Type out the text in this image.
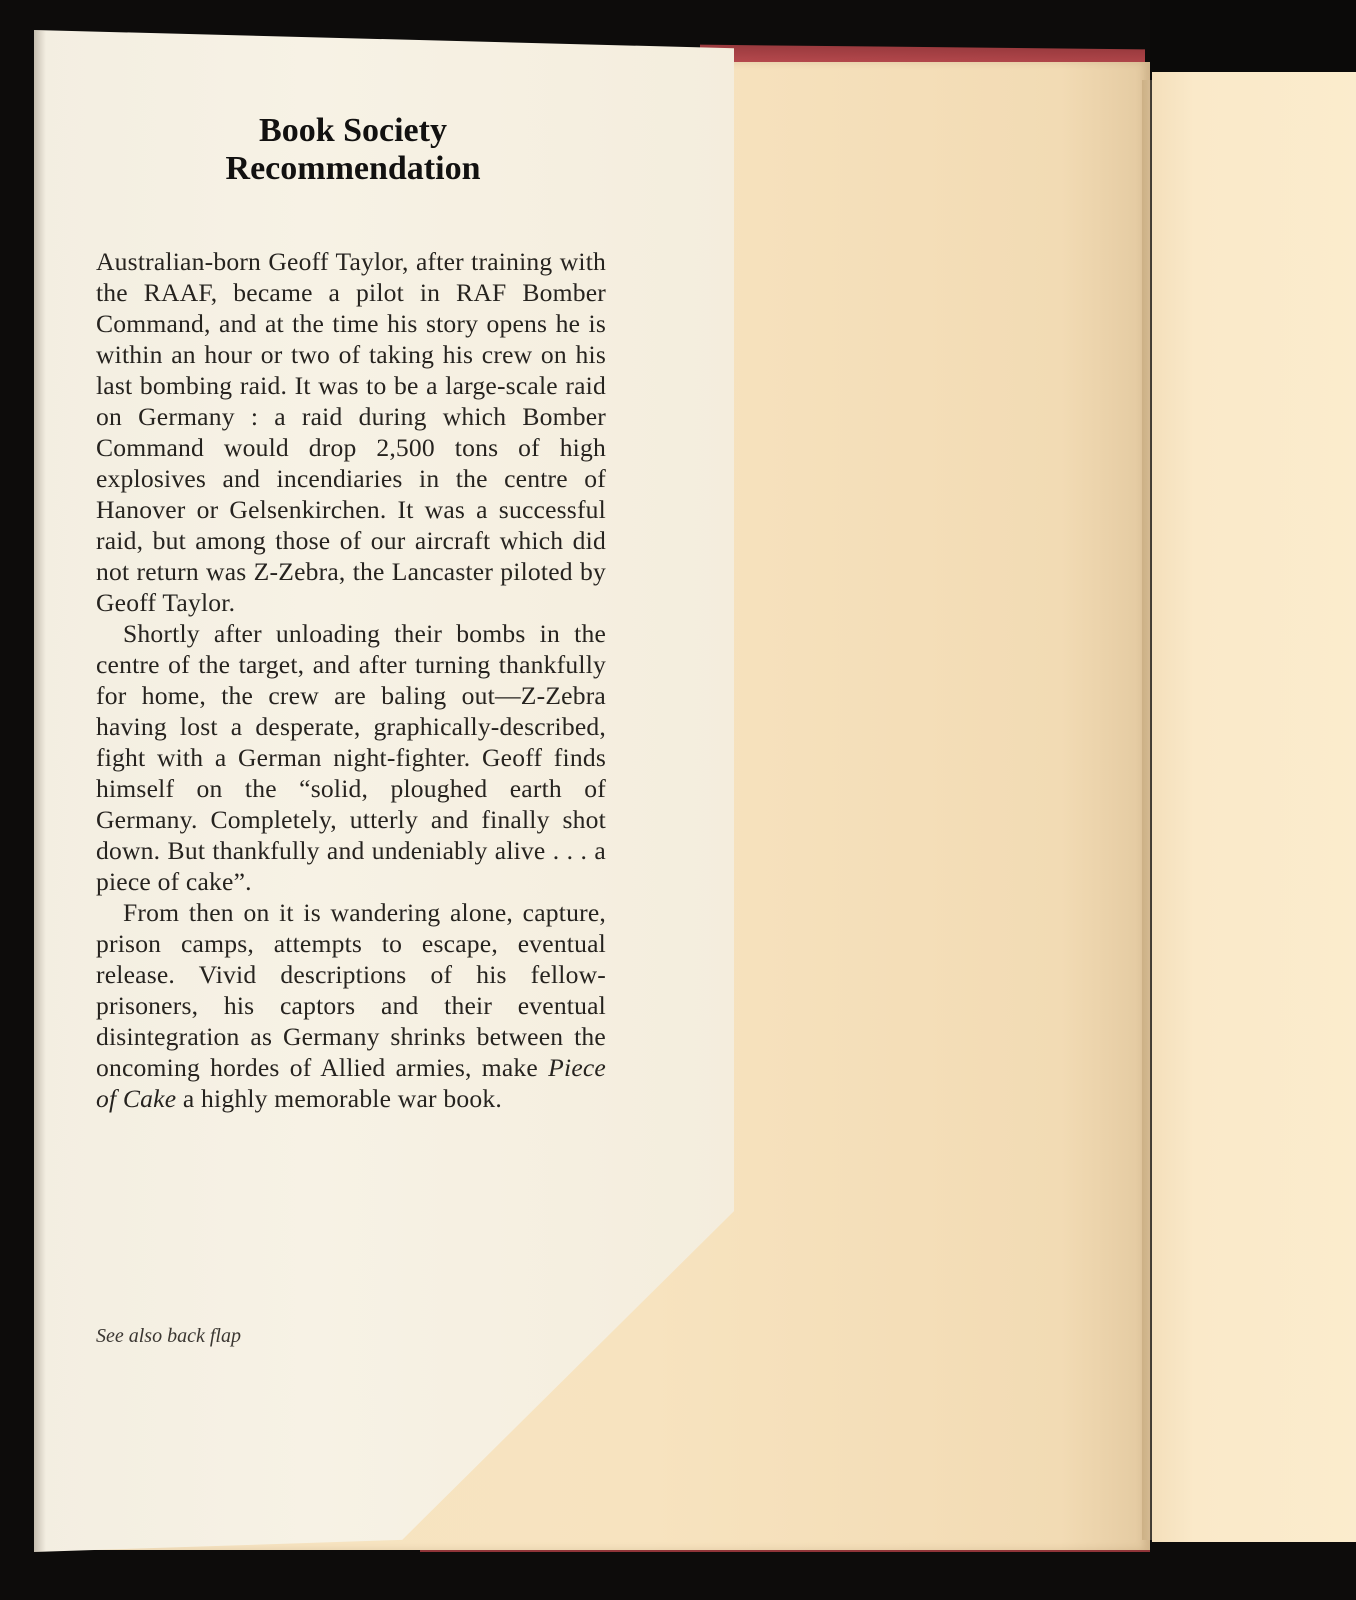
Book Society
Recommendation

Australian-born Geoff Taylor, after training with the RAAF, became a pilot in RAF Bomber Command, and at the time his story opens he is within an hour or two of taking his crew on his last bombing raid. It was to be a large-scale raid on Germany : a raid during which Bomber Command would drop 2,500 tons of high explosives and incendiaries in the centre of Hanover or Gelsenkirchen. It was a successful raid, but among those of our aircraft which did not return was Z-Zebra, the Lancaster piloted by Geoff Taylor.

Shortly after unloading their bombs in the centre of the target, and after turning thankfully for home, the crew are baling out—Z-Zebra having lost a desperate, graphically-described, fight with a German night-fighter. Geoff finds himself on the “solid, ploughed earth of Germany. Completely, utterly and finally shot down. But thankfully and undeniably alive . . . a piece of cake”.

From then on it is wandering alone, capture, prison camps, attempts to escape, eventual release. Vivid descriptions of his fellow-prisoners, his captors and their eventual disintegration as Germany shrinks between the oncoming hordes of Allied armies, make Piece of Cake a highly memorable war book.

See also back flap
